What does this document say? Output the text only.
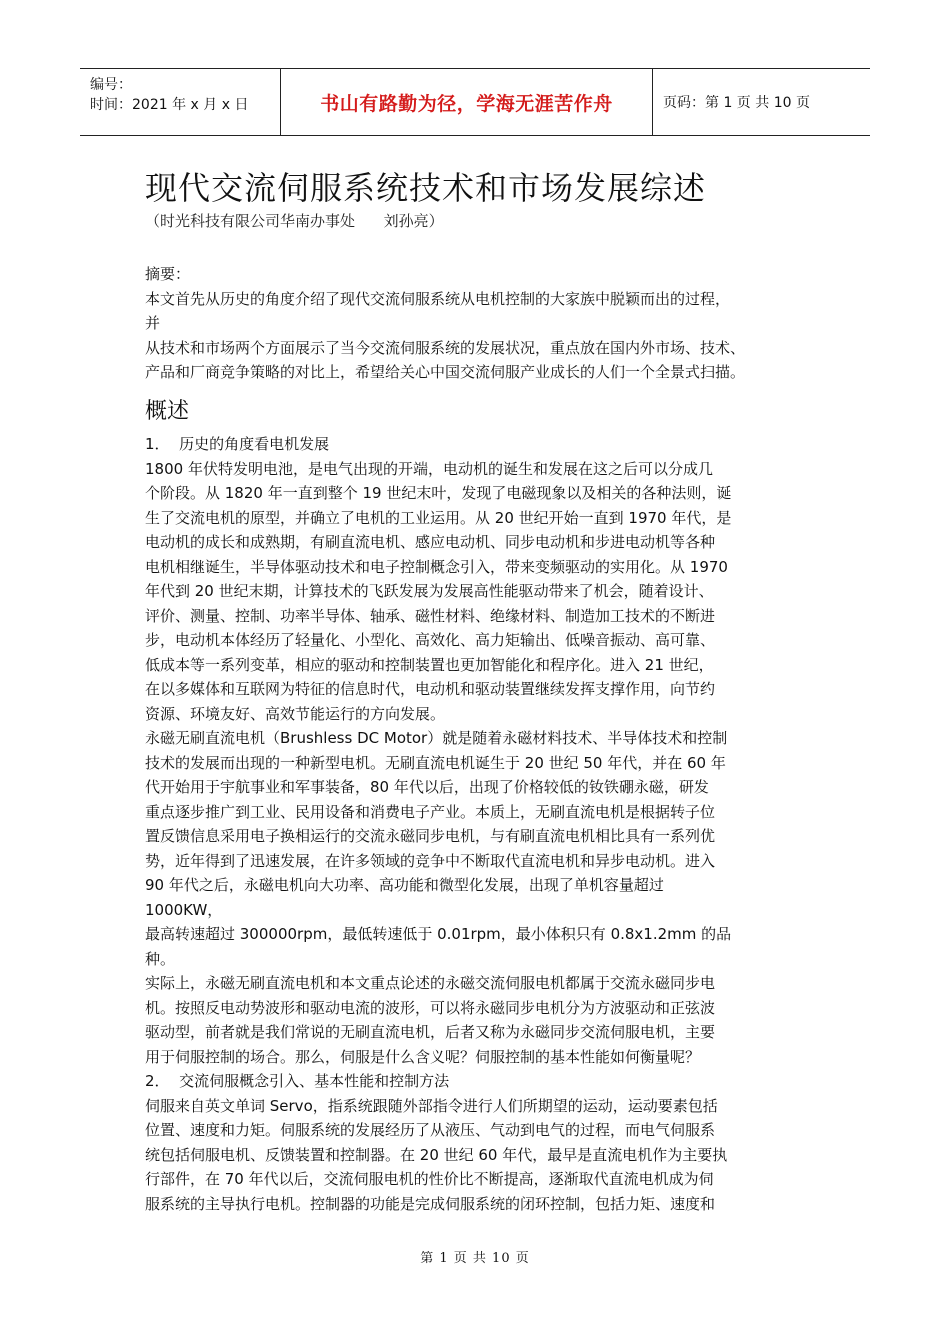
编号：
时间：2021 年 x 月 x 日	书山有路勤为径，学海无涯苦作舟	页码：第 1 页 共 10 页
现代交流伺服系统技术和市场发展综述
（时光科技有限公司华南办事处      刘孙亮）

摘要：

本文首先从历史的角度介绍了现代交流伺服系统从电机控制的大家族中脱颖而出的过程，

并

从技术和市场两个方面展示了当今交流伺服系统的发展状况，重点放在国内外市场、技术、

产品和厂商竞争策略的对比上，希望给关心中国交流伺服产业成长的人们一个全景式扫描。

概述

1．  历史的角度看电机发展

1800 年伏特发明电池，是电气出现的开端，电动机的诞生和发展在这之后可以分成几

个阶段。从 1820 年一直到整个 19 世纪末叶，发现了电磁现象以及相关的各种法则，诞

生了交流电机的原型，并确立了电机的工业运用。从 20 世纪开始一直到 1970 年代，是

电动机的成长和成熟期，有刷直流电机、感应电动机、同步电动机和步进电动机等各种

电机相继诞生，半导体驱动技术和电子控制概念引入，带来变频驱动的实用化。从 1970

年代到 20 世纪末期，计算技术的飞跃发展为发展高性能驱动带来了机会，随着设计、

评价、测量、控制、功率半导体、轴承、磁性材料、绝缘材料、制造加工技术的不断进

步，电动机本体经历了轻量化、小型化、高效化、高力矩输出、低噪音振动、高可靠、

低成本等一系列变革，相应的驱动和控制装置也更加智能化和程序化。进入 21 世纪，

在以多媒体和互联网为特征的信息时代，电动机和驱动装置继续发挥支撑作用，向节约

资源、环境友好、高效节能运行的方向发展。

永磁无刷直流电机（Brushless DC Motor）就是随着永磁材料技术、半导体技术和控制

技术的发展而出现的一种新型电机。无刷直流电机诞生于 20 世纪 50 年代，并在 60 年

代开始用于宇航事业和军事装备，80 年代以后，出现了价格较低的钕铁硼永磁，研发

重点逐步推广到工业、民用设备和消费电子产业。本质上，无刷直流电机是根据转子位

置反馈信息采用电子换相运行的交流永磁同步电机，与有刷直流电机相比具有一系列优

势，近年得到了迅速发展，在许多领域的竞争中不断取代直流电机和异步电动机。进入

90 年代之后，永磁电机向大功率、高功能和微型化发展，出现了单机容量超过

1000KW，

最高转速超过 300000rpm，最低转速低于 0.01rpm，最小体积只有 0.8x1.2mm 的品

种。

实际上，永磁无刷直流电机和本文重点论述的永磁交流伺服电机都属于交流永磁同步电

机。按照反电动势波形和驱动电流的波形，可以将永磁同步电机分为方波驱动和正弦波

驱动型，前者就是我们常说的无刷直流电机，后者又称为永磁同步交流伺服电机，主要

用于伺服控制的场合。那么，伺服是什么含义呢？伺服控制的基本性能如何衡量呢？

2．  交流伺服概念引入、基本性能和控制方法

伺服来自英文单词 Servo，指系统跟随外部指令进行人们所期望的运动，运动要素包括

位置、速度和力矩。伺服系统的发展经历了从液压、气动到电气的过程，而电气伺服系

统包括伺服电机、反馈装置和控制器。在 20 世纪 60 年代，最早是直流电机作为主要执

行部件，在 70 年代以后，交流伺服电机的性价比不断提高，逐渐取代直流电机成为伺

服系统的主导执行电机。控制器的功能是完成伺服系统的闭环控制，包括力矩、速度和

第 1 页 共 10 页
